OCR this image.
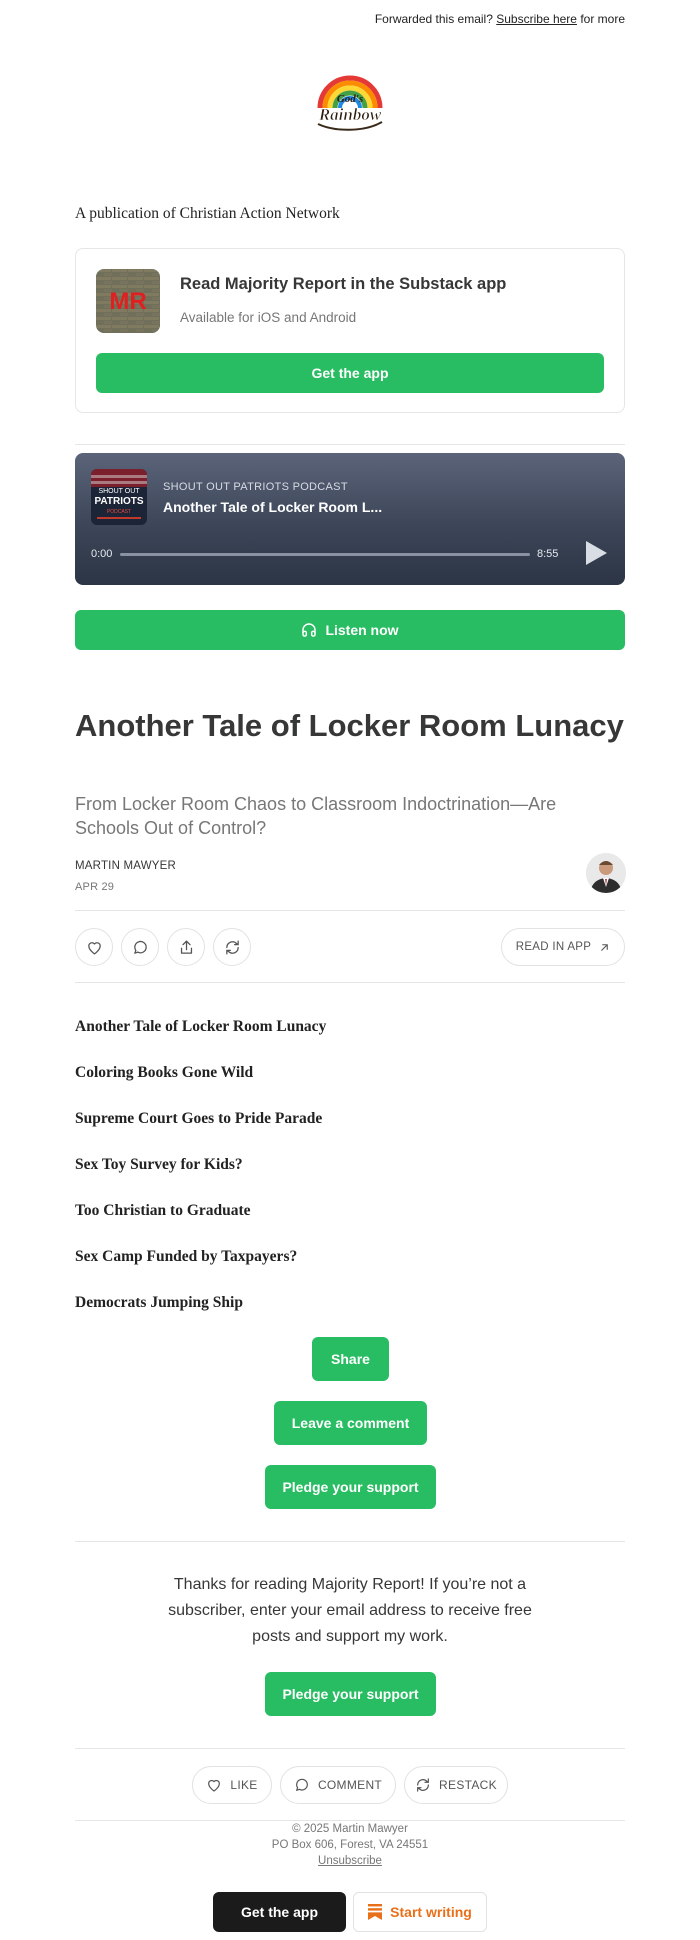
Forwarded this email? Subscribe here for more
God's
Rainbow
A publication of Christian Action Network
MR
Read Majority Report in the Substack app
Available for iOS and Android
Get the app
SHOUT OUT
PATRIOTS
PODCAST
SHOUT OUT PATRIOTS PODCAST
Another Tale of Locker Room L...
0:00	8:55
Listen now
Another Tale of Locker Room Lunacy
From Locker Room Chaos to Classroom Indoctrination—Are Schools Out of Control?
MARTIN MAWYER
APR 29
READ IN APP
Another Tale of Locker Room Lunacy
Coloring Books Gone Wild
Supreme Court Goes to Pride Parade
Sex Toy Survey for Kids?
Too Christian to Graduate
Sex Camp Funded by Taxpayers?
Democrats Jumping Ship
Share
Leave a comment
Pledge your support
Thanks for reading Majority Report! If you’re not a subscriber, enter your email address to receive free posts and support my work.
Pledge your support
LIKE	COMMENT	RESTACK
© 2025 Martin Mawyer
PO Box 606, Forest, VA 24551
Unsubscribe
Get the app	Start writing
